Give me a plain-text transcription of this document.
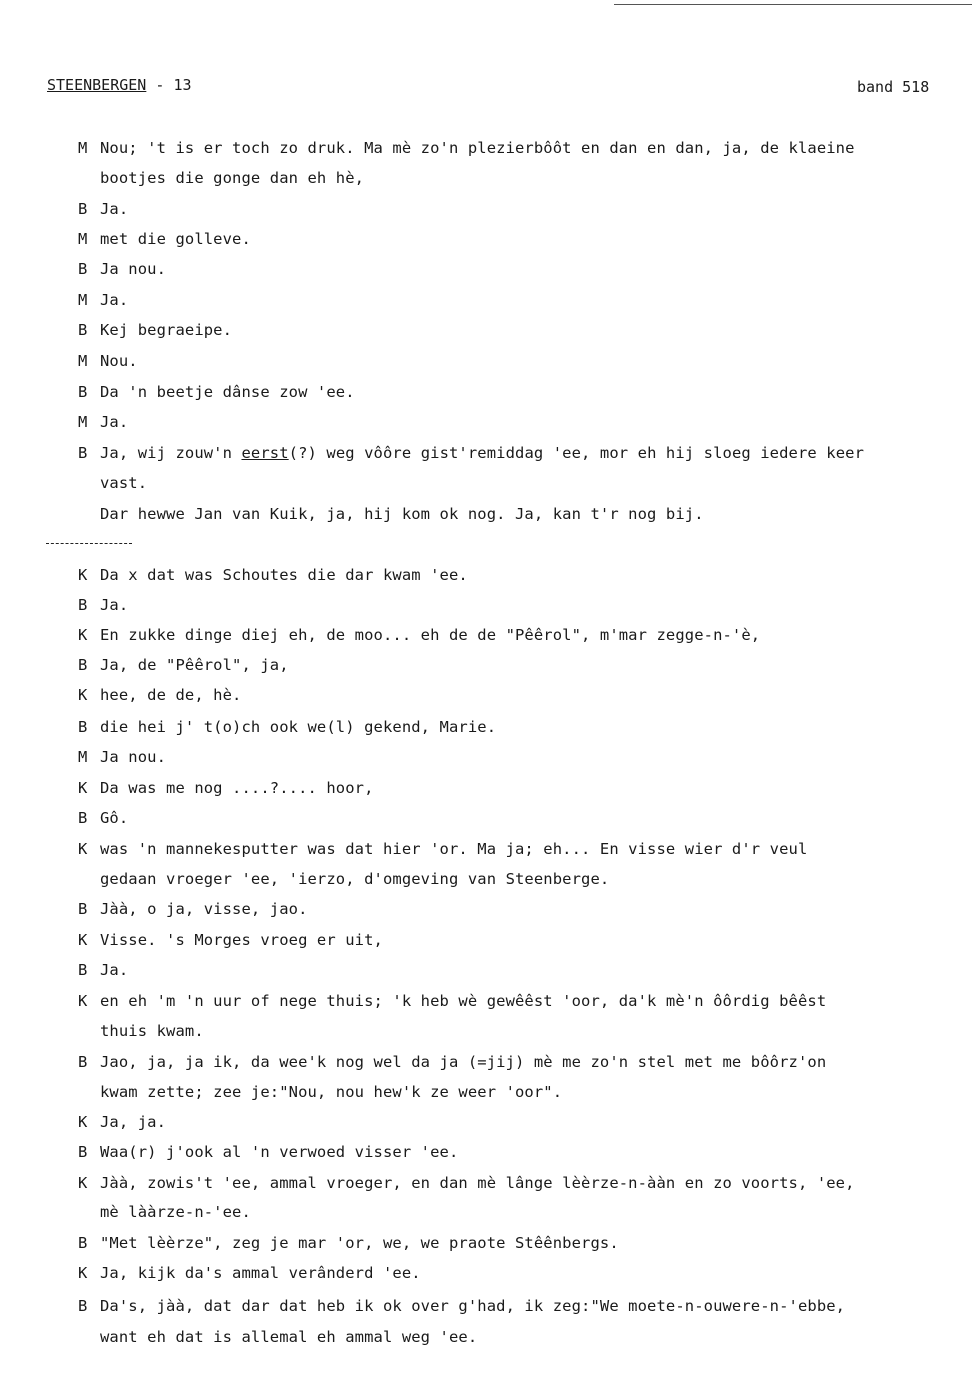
STEENBERGEN - 13	band 518
M Nou; 't is er toch zo druk. Ma mè zo'n plezierbôôt en dan en dan, ja, de klaeine
bootjes die gonge dan eh hè,
B Ja.
M met die golleve.
B Ja nou.
M Ja.
B Kej begraeipe.
M Nou.
B Da 'n beetje dânse zow 'ee.
M Ja.
B Ja, wij zouw'n eerst(?) weg vôôre gist'remiddag 'ee, mor eh hij sloeg iedere keer
vast.
Dar hewwe Jan van Kuik, ja, hij kom ok nog. Ja, kan t'r nog bij.
K Da x dat was Schoutes die dar kwam 'ee.
B Ja.
K En zukke dinge diej eh, de moo... eh de de "Pêêrol", m'mar zegge-n-'è,
B Ja, de "Pêêrol", ja,
K hee, de de, hè.
B die hei j' t(o)ch ook we(l) gekend, Marie.
M Ja nou.
K Da was me nog ....?.... hoor,
B Gô.
K was 'n mannekesputter was dat hier 'or. Ma ja; eh... En visse wier d'r veul
gedaan vroeger 'ee, 'ierzo, d'omgeving van Steenberge.
B Jàà, o ja, visse, jao.
K Visse. 's Morges vroeg er uit,
B Ja.
K en eh 'm 'n uur of nege thuis; 'k heb wè gewêêst 'oor, da'k mè'n ôôrdig bêêst
thuis kwam.
B Jao, ja, ja ik, da wee'k nog wel da ja (=jij) mè me zo'n stel met me bôôrz'on
kwam zette; zee je:"Nou, nou hew'k ze weer 'oor".
K Ja, ja.
B Waa(r) j'ook al 'n verwoed visser 'ee.
K Jàà, zowis't 'ee, ammal vroeger, en dan mè lânge lèèrze-n-ààn en zo voorts, 'ee,
mè lààrze-n-'ee.
B "Met lèèrze", zeg je mar 'or, we, we praote Stêênbergs.
K Ja, kijk da's ammal verânderd 'ee.
B Da's, jàà, dat dar dat heb ik ok over g'had, ik zeg:"We moete-n-ouwere-n-'ebbe,
want eh dat is allemal eh ammal weg 'ee.
